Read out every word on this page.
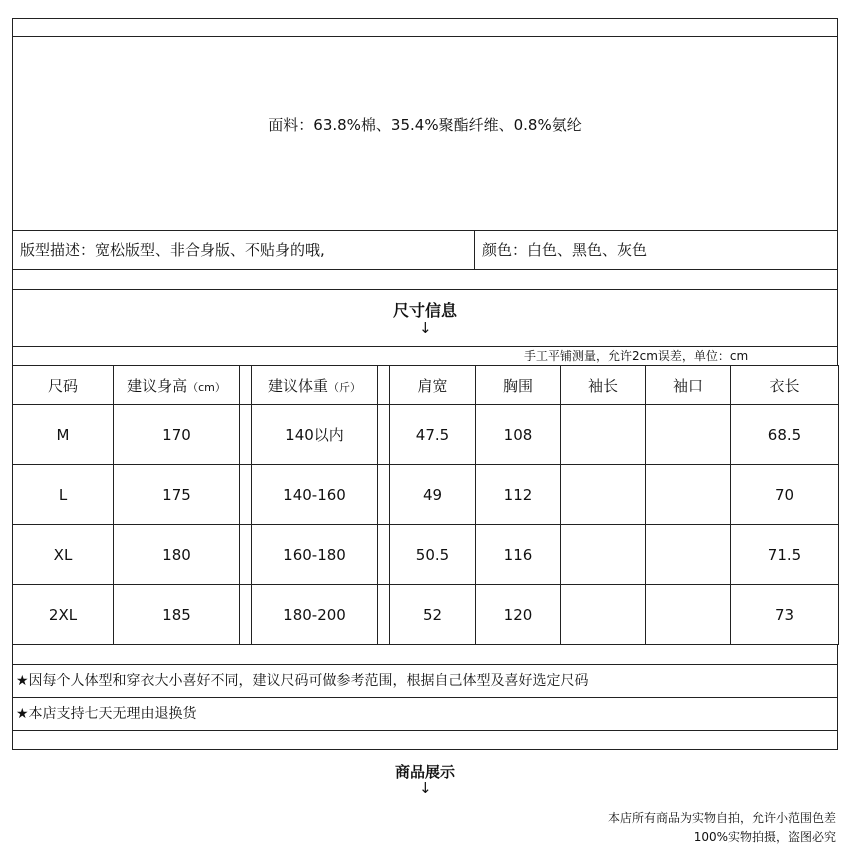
面料：63.8%棉、35.4%聚酯纤维、0.8%氨纶
版型描述：宽松版型、非合身版、不贴身的哦,	颜色：白色、黑色、灰色
尺寸信息
↓
手工平铺测量，允许2cm误差，单位：cm
尺码	建议身高（cm）		建议体重（斤）		肩宽	胸围	袖长	袖口	衣长
M	170		140以内		47.5	108			68.5
L	175		140-160		49	112			70
XL	180		160-180		50.5	116			71.5
2XL	185		180-200		52	120			73
★因每个人体型和穿衣大小喜好不同，建议尺码可做参考范围，根据自己体型及喜好选定尺码
★本店支持七天无理由退换货
商品展示
↓
本店所有商品为实物自拍，允许小范围色差
100%实物拍摄，盗图必究
